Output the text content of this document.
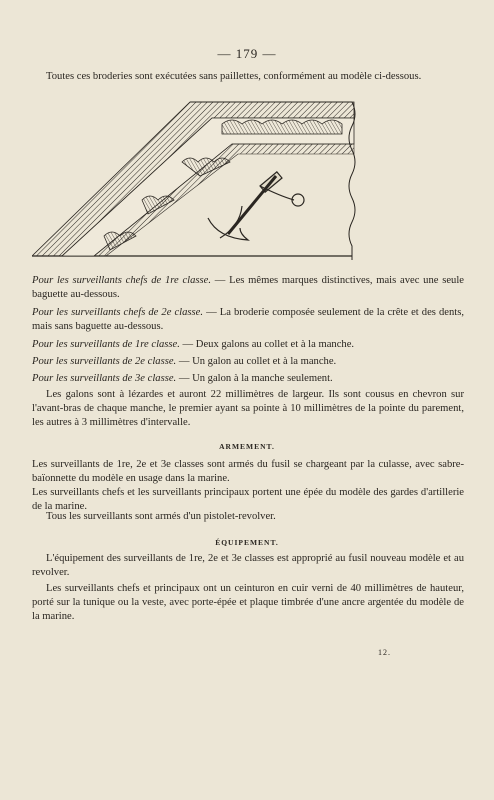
— 179 —
Toutes ces broderies sont exécutées sans paillettes, conformément au modèle ci-dessous.
Pour les surveillants chefs de 1re classe. — Les mêmes marques distinctives, mais avec une seule baguette au-dessous.
Pour les surveillants chefs de 2e classe. — La broderie composée seulement de la crête et des dents, mais sans baguette au-dessous.
Pour les surveillants de 1re classe. — Deux galons au collet et à la manche.
Pour les surveillants de 2e classe. — Un galon au collet et à la manche.
Pour les surveillants de 3e classe. — Un galon à la manche seulement.
Les galons sont à lézardes et auront 22 millimètres de largeur. Ils sont cousus en chevron sur l'avant-bras de chaque manche, le premier ayant sa pointe à 10 millimètres de la pointe du parement, les autres à 3 millimètres d'intervalle.
ARMEMENT.
Les surveillants de 1re, 2e et 3e classes sont armés du fusil se chargeant par la culasse, avec sabre-baïonnette du modèle en usage dans la marine.
Les surveillants chefs et les surveillants principaux portent une épée du modèle des gardes d'artillerie de la marine.
Tous les surveillants sont armés d'un pistolet-revolver.
ÉQUIPEMENT.
L'équipement des surveillants de 1re, 2e et 3e classes est approprié au fusil nouveau modèle et au revolver.
Les surveillants chefs et principaux ont un ceinturon en cuir verni de 40 millimètres de hauteur, porté sur la tunique ou la veste, avec porte-épée et plaque timbrée d'une ancre argentée du modèle de la marine.
12.
